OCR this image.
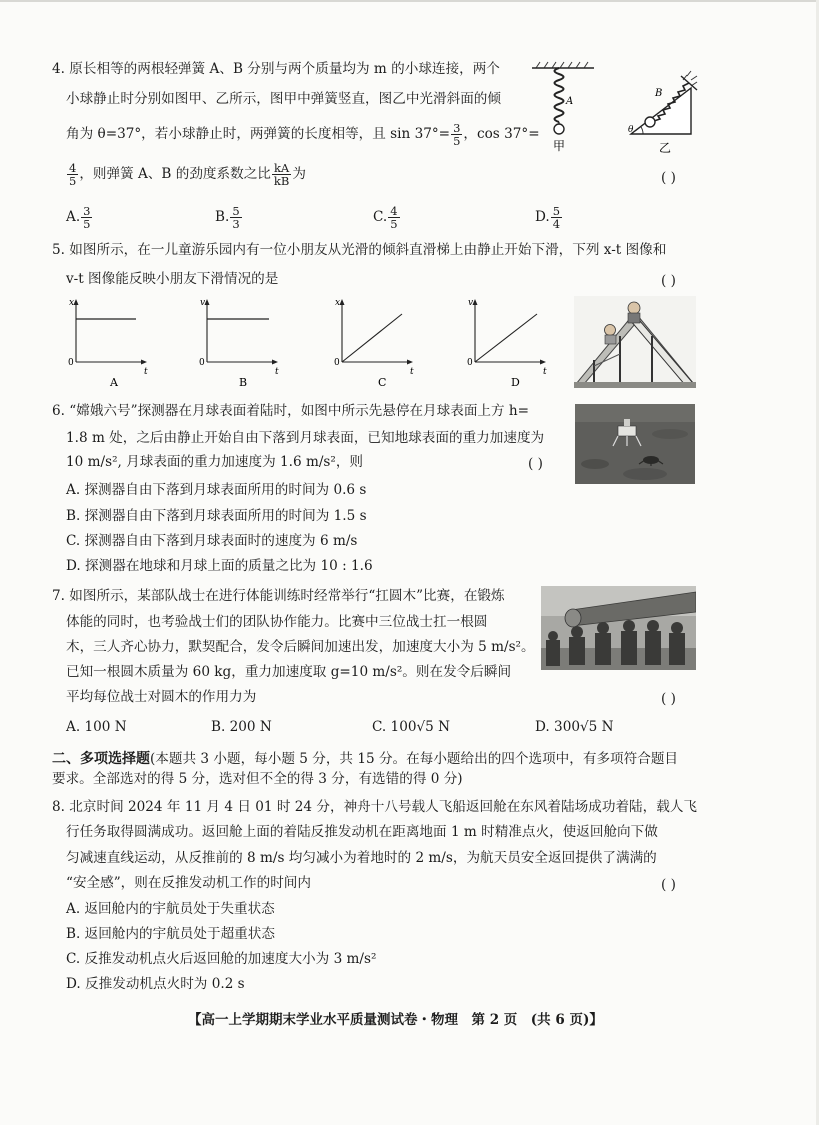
4. 原长相等的两根轻弹簧 A、B 分别与两个质量均为 m 的小球连接，两个
小球静止时分别如图甲、乙所示，图甲中弹簧竖直，图乙中光滑斜面的倾
角为 θ=37°，若小球静止时，两弹簧的长度相等，且 $\sin 37^\circ= \frac{3}{5}$ ，cos 37°=
$\frac{4}{5}$ ，则弹簧 A、B 的劲度系数之比 $\frac{kA}{kB}$ 为	( )
A. $\frac{3}{5}$	B. $\frac{5}{3}$	C. $\frac{4}{5}$	D. $\frac{5}{4}$
A
甲
B
θ
乙
5. 如图所示，在一儿童游乐园内有一位小朋友从光滑的倾斜直滑梯上由静止开始下滑，下列 x-t 图像和
v-t 图像能反映小朋友下滑情况的是	( )
x
0
t
A
v
0
t
B
x
0
t
C
v
0
t
D
6. “嫦娥六号”探测器在月球表面着陆时，如图中所示先悬停在月球表面上方 h=
1.8 m 处，之后由静止开始自由下落到月球表面，已知地球表面的重力加速度为
10 m/s², 月球表面的重力加速度为 1.6 m/s²，则	( )
A. 探测器自由下落到月球表面所用的时间为 0.6 s
B. 探测器自由下落到月球表面所用的时间为 1.5 s
C. 探测器自由下落到月球表面时的速度为 6 m/s
D. 探测器在地球和月球上面的质量之比为 10 : 1.6
7. 如图所示，某部队战士在进行体能训练时经常举行“扛圆木”比赛，在锻炼
体能的同时，也考验战士们的团队协作能力。比赛中三位战士扛一根圆
木，三人齐心协力，默契配合，发令后瞬间加速出发，加速度大小为 5 m/s²。
已知一根圆木质量为 60 kg，重力加速度取 g=10 m/s²。则在发令后瞬间
平均每位战士对圆木的作用力为	( )
A. 100 N	B. 200 N	C. 100√5 N	D. 300√5 N
二、多项选择题(本题共 3 小题，每小题 5 分，共 15 分。在每小题给出的四个选项中，有多项符合题目
要求。全部选对的得 5 分，选对但不全的得 3 分，有选错的得 0 分)
8. 北京时间 2024 年 11 月 4 日 01 时 24 分，神舟十八号载人飞船返回舱在东风着陆场成功着陆，载人飞
行任务取得圆满成功。返回舱上面的着陆反推发动机在距离地面 1 m 时精准点火，使返回舱向下做
匀减速直线运动，从反推前的 8 m/s 均匀减小为着地时的 2 m/s，为航天员安全返回提供了满满的
“安全感”，则在反推发动机工作的时间内	( )
A. 返回舱内的宇航员处于失重状态
B. 返回舱内的宇航员处于超重状态
C. 反推发动机点火后返回舱的加速度大小为 3 m/s²
D. 反推发动机点火时为 0.2 s
【高一上学期期末学业水平质量测试卷・物理　第 2 页　(共 6 页)】
